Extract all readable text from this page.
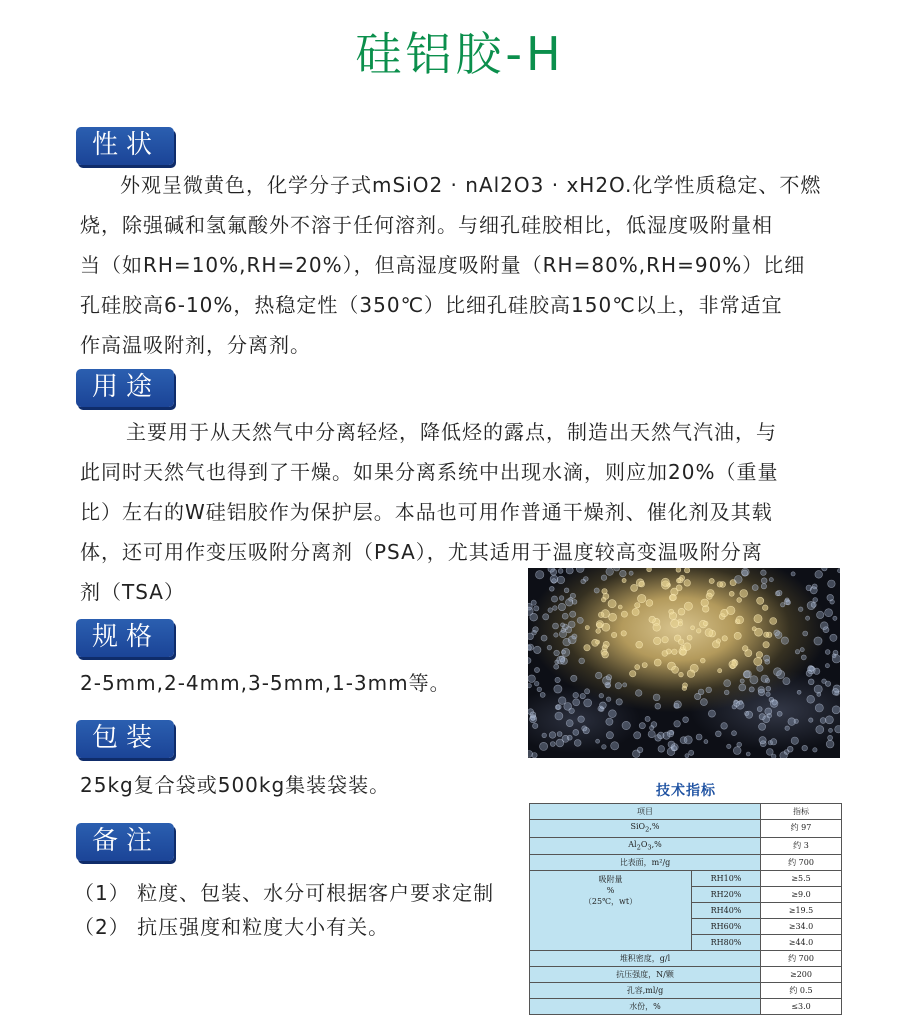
硅铝胶-H
性状
外观呈微黄色，化学分子式mSiO2 · nAl2O3 · xH2O.化学性质稳定、不燃
烧，除强碱和氢氟酸外不溶于任何溶剂。与细孔硅胶相比，低湿度吸附量相
当（如RH=10%,RH=20%），但高湿度吸附量（RH=80%,RH=90%）比细
孔硅胶高6-10%，热稳定性（350℃）比细孔硅胶高150℃以上，非常适宜
作高温吸附剂，分离剂。
用途
主要用于从天然气中分离轻烃，降低烃的露点，制造出天然气汽油，与
此同时天然气也得到了干燥。如果分离系统中出现水滴，则应加20%（重量
比）左右的W硅铝胶作为保护层。本品也可用作普通干燥剂、催化剂及其载
体，还可用作变压吸附分离剂（PSA），尤其适用于温度较高变温吸附分离
剂（TSA）
规格
2-5mm,2-4mm,3-5mm,1-3mm等。
包装
25kg复合袋或500kg集装袋装。
备注
（1） 粒度、包装、水分可根据客户要求定制
（2） 抗压强度和粒度大小有关。
技术指标
项目		指标
SiO$_2$,%		约 97
$Al_2O_3,\%$		约 3
比表面，m²/g		约 700

吸附量
%
（25℃，wt）	RH10%	≥5.5
	RH20%	≥9.0
	RH40%	≥19.5
	RH60%	≥34.0
	RH80%	≥44.0
堆积密度，g/l		约 700
抗压强度，N/颗		≥200
孔容,ml/g		约 0.5
水份，%		≤3.0
